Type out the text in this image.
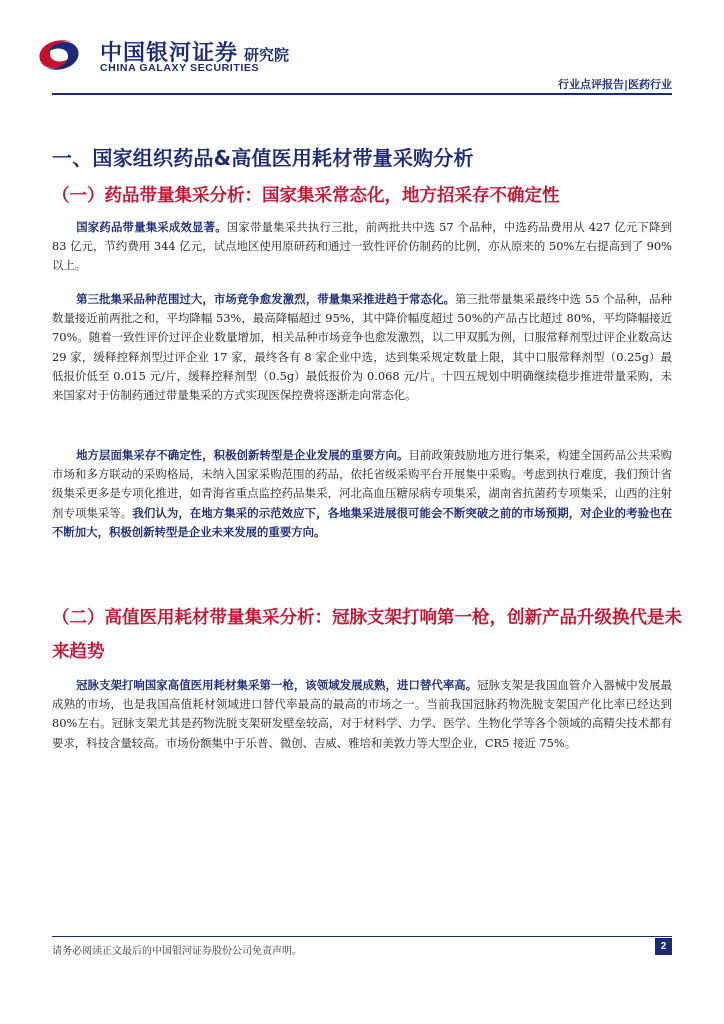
中国银河证券
CHINA GALAXY SECURITIES
研究院
行业点评报告|医药行业
一、国家组织药品&高值医用耗材带量采购分析
（一）药品带量集采分析：国家集采常态化，地方招采存不确定性

国家药品带量集采成效显著。国家带量集采共执行三批，前两批共中选 57 个品种，中选药品费用从 427 亿元下降到 83 亿元，节约费用 344 亿元，试点地区使用原研药和通过一致性评价仿制药的比例，亦从原来的 50%左右提高到了 90%以上。

第三批集采品种范围过大，市场竞争愈发激烈，带量集采推进趋于常态化。第三批带量集采最终中选 55 个品种，品种数量接近前两批之和，平均降幅 53%，最高降幅超过 95%，其中降价幅度超过 50%的产品占比超过 80%，平均降幅接近 70%。随着一致性评价过评企业数量增加，相关品种市场竞争也愈发激烈，以二甲双胍为例，口服常释剂型过评企业数高达 29 家，缓释控释剂型过评企业 17 家，最终各有 8 家企业中选，达到集采规定数量上限，其中口服常释剂型（0.25g）最低报价低至 0.015 元/片，缓释控释剂型（0.5g）最低报价为 0.068 元/片。十四五规划中明确继续稳步推进带量采购，未来国家对于仿制药通过带量集采的方式实现医保控费将逐渐走向常态化。

地方层面集采存不确定性，积极创新转型是企业发展的重要方向。目前政策鼓励地方进行集采，构建全国药品公共采购市场和多方联动的采购格局，未纳入国家采购范围的药品，依托省级采购平台开展集中采购。考虑到执行难度，我们预计省级集采更多是专项化推进，如青海省重点监控药品集采，河北高血压糖尿病专项集采，湖南省抗菌药专项集采，山西的注射剂专项集采等。我们认为，在地方集采的示范效应下，各地集采进展很可能会不断突破之前的市场预期，对企业的考验也在不断加大，积极创新转型是企业未来发展的重要方向。

（二）高值医用耗材带量集采分析：冠脉支架打响第一枪，创新产品升级换代是未
来趋势

冠脉支架打响国家高值医用耗材集采第一枪，该领域发展成熟，进口替代率高。冠脉支架是我国血管介入器械中发展最成熟的市场，也是我国高值耗材领域进口替代率最高的最高的市场之一。当前我国冠脉药物洗脱支架国产化比率已经达到 80%左右。冠脉支架尤其是药物洗脱支架研发壁垒较高，对于材料学、力学、医学、生物化学等各个领域的高精尖技术都有要求，科技含量较高。市场份额集中于乐普、微创、吉威、雅培和美敦力等大型企业，CR5 接近 75%。

请务必阅读正文最后的中国银河证券股份公司免责声明。	2
